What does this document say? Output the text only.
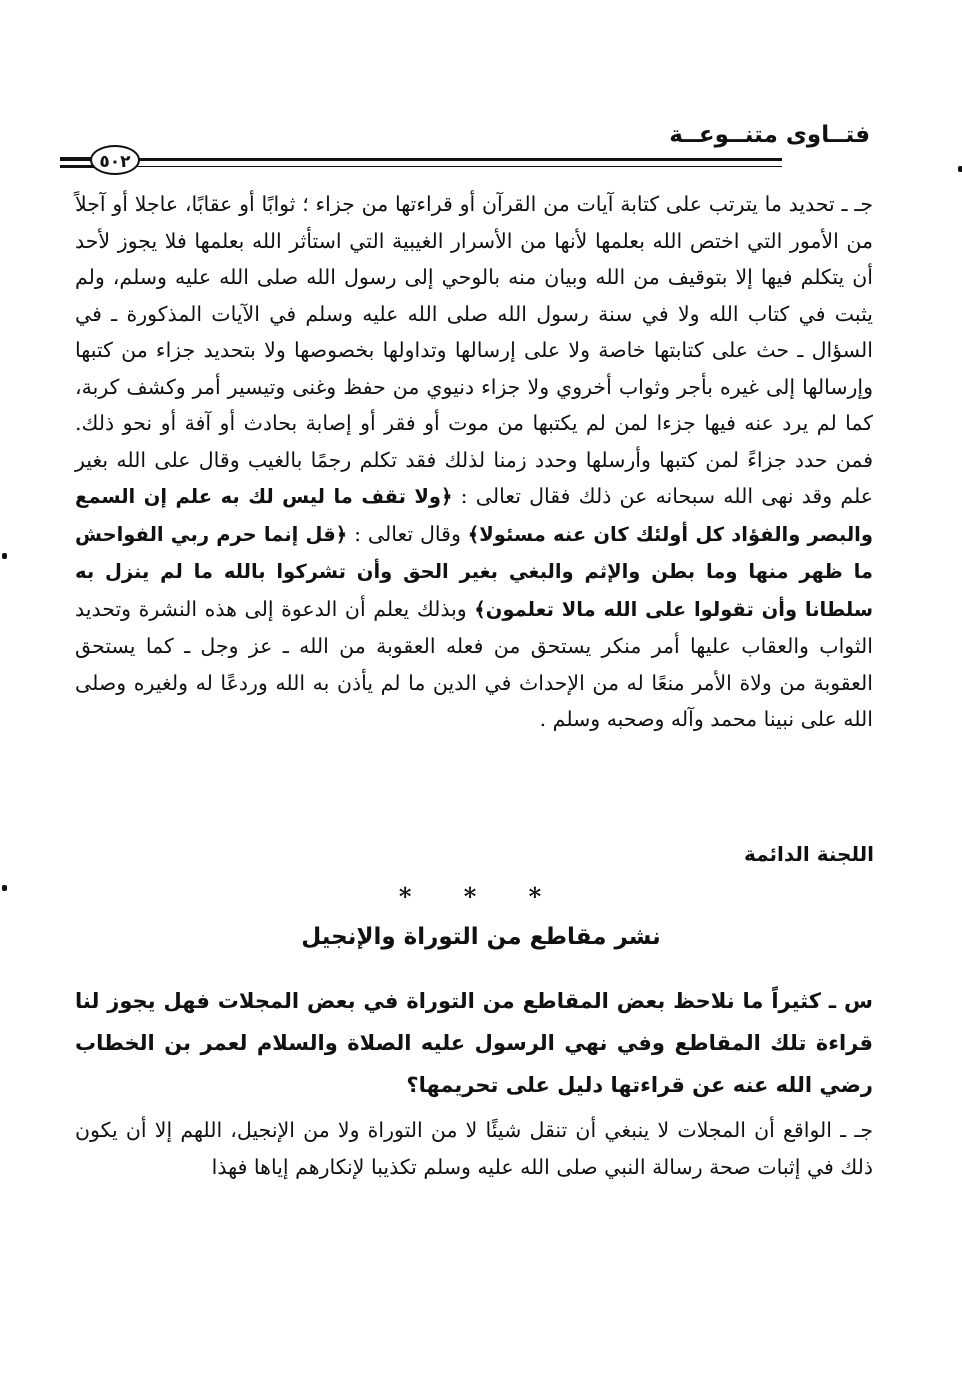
فتــاوى متنــوعــة
٥٠٢
جـ ـ تحديد ما يترتب على كتابة آيات من القرآن أو قراءتها من جزاء ؛ ثوابًا أو عقابًا، عاجلا أو آجلاً من الأمور التي اختص الله بعلمها لأنها من الأسرار الغيبية التي استأثر الله بعلمها فلا يجوز لأحد أن يتكلم فيها إلا بتوقيف من الله وبيان منه بالوحي إلى رسول الله صلى الله عليه وسلم، ولم يثبت في كتاب الله ولا في سنة رسول الله صلى الله عليه وسلم في الآيات المذكورة ـ في السؤال ـ حث على كتابتها خاصة ولا على إرسالها وتداولها بخصوصها ولا بتحديد جزاء من كتبها وإرسالها إلى غيره بأجر وثواب أخروي ولا جزاء دنيوي من حفظ وغنى وتيسير أمر وكشف كربة، كما لم يرد عنه فيها جزءا لمن لم يكتبها من موت أو فقر أو إصابة بحادث أو آفة أو نحو ذلك. فمن حدد جزاءً لمن كتبها وأرسلها وحدد زمنا لذلك فقد تكلم رجمًا بالغيب وقال على الله بغير علم وقد نهى الله سبحانه عن ذلك فقال تعالى : ﴿ولا تقف ما ليس لك به علم إن السمع والبصر والفؤاد كل أولئك كان عنه مسئولا﴾ وقال تعالى : ﴿قل إنما حرم ربي الفواحش ما ظهر منها وما بطن والإثم والبغي بغير الحق وأن تشركوا بالله ما لم ينزل به سلطانا وأن تقولوا على الله مالا تعلمون﴾ وبذلك يعلم أن الدعوة إلى هذه النشرة وتحديد الثواب والعقاب عليها أمر منكر يستحق من فعله العقوبة من الله ـ عز وجل ـ كما يستحق العقوبة من ولاة الأمر منعًا له من الإحداث في الدين ما لم يأذن به الله وردعًا له ولغيره وصلى الله على نبينا محمد وآله وصحبه وسلم .
اللجنة الدائمة
* * *
نشر مقاطع من التوراة والإنجيل
س ـ كثيراً ما نلاحظ بعض المقاطع من التوراة في بعض المجلات فهل يجوز لنا قراءة تلك المقاطع وفي نهي الرسول عليه الصلاة والسلام لعمر بن الخطاب رضي الله عنه عن قراءتها دليل على تحريمها؟
جـ ـ الواقع أن المجلات لا ينبغي أن تنقل شيئًا لا من التوراة ولا من الإنجيل، اللهم إلا أن يكون ذلك في إثبات صحة رسالة النبي صلى الله عليه وسلم تكذيبا لإنكارهم إياها فهذا
